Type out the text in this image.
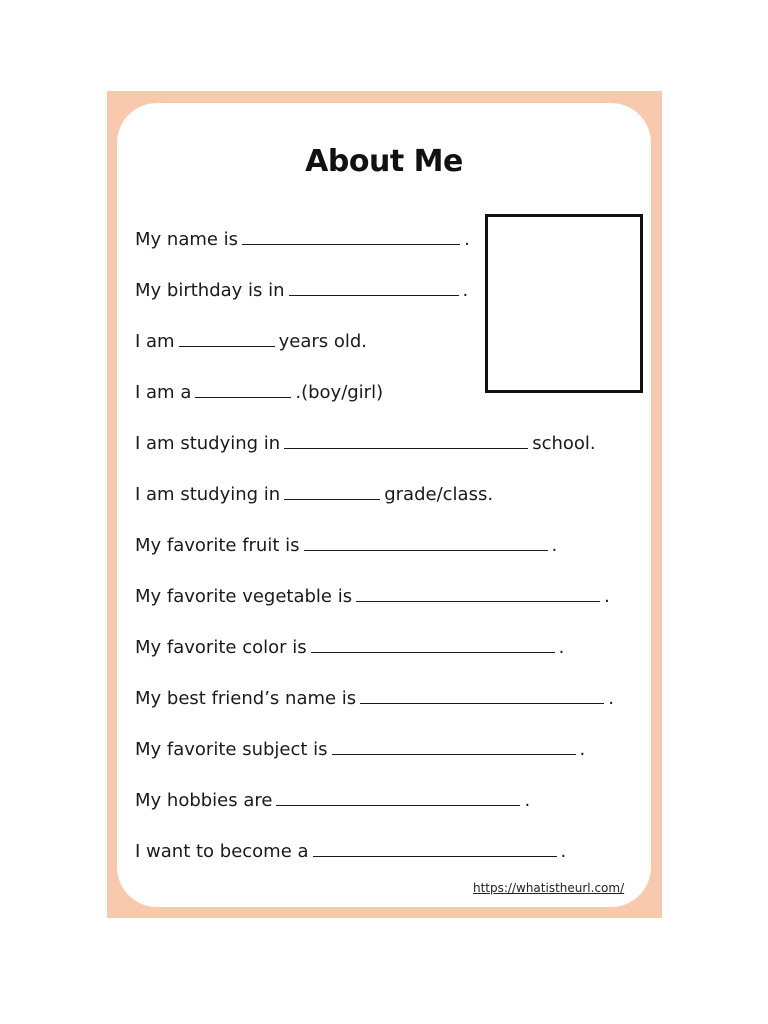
About Me
My name is	.
My birthday is in	.
I am	years old.
I am a	.(boy/girl)
I am studying in	school.
I am studying in	grade/class.
My favorite fruit is	.
My favorite vegetable is	.
My favorite color is	.
My best friend’s name is	.
My favorite subject is	.
My hobbies are	.
I want to become a	.
https://whatistheurl.com/
